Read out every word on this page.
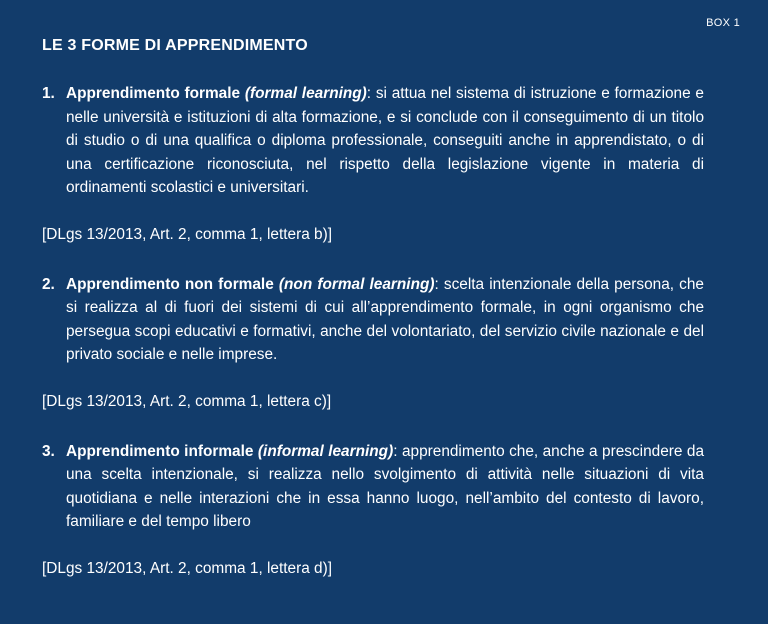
BOX 1
LE 3 FORME DI APPRENDIMENTO
1. Apprendimento formale (formal learning): si attua nel sistema di istruzione e formazione e nelle università e istituzioni di alta formazione, e si conclude con il conseguimento di un titolo di studio o di una qualifica o diploma professionale, conseguiti anche in apprendistato, o di una certificazione riconosciuta, nel rispetto della legislazione vigente in materia di ordinamenti scolastici e universitari.
[DLgs 13/2013, Art. 2, comma 1, lettera b)]
2. Apprendimento non formale (non formal learning): scelta intenzionale della persona, che si realizza al di fuori dei sistemi di cui all’apprendimento formale, in ogni organismo che persegua scopi educativi e formativi, anche del volontariato, del servizio civile nazionale e del privato sociale e nelle imprese.
[DLgs 13/2013, Art. 2, comma 1, lettera c)]
3. Apprendimento informale (informal learning): apprendimento che, anche a prescindere da una scelta intenzionale, si realizza nello svolgimento di attività nelle situazioni di vita quotidiana e nelle interazioni che in essa hanno luogo, nell’ambito del contesto di lavoro, familiare e del tempo libero
[DLgs 13/2013, Art. 2, comma 1, lettera d)]
